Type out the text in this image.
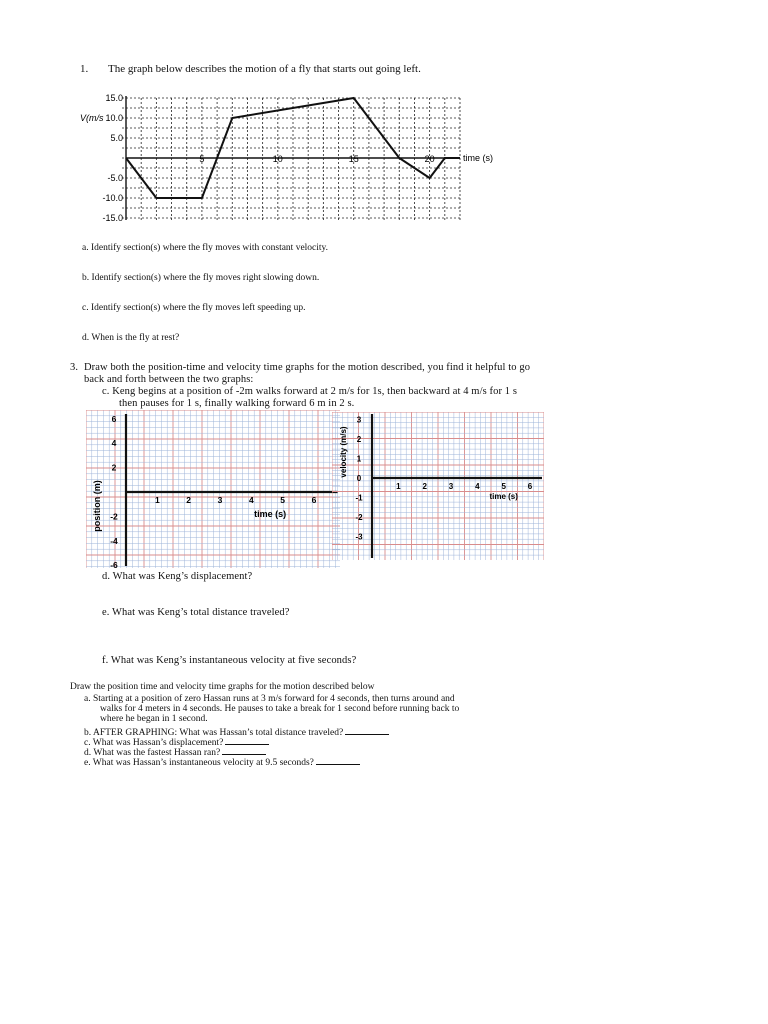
1. The graph below describes the motion of a fly that starts out going left.
15.0
10.0
5.0
-5.0
-10.0
-15.0
5	10	15	20
V(m/s
time (s)
a. Identify section(s) where the fly moves with constant velocity.
b. Identify section(s) where the fly moves right slowing down.
c. Identify section(s) where the fly moves left speeding up.
d. When is the fly at rest?
3. Draw both the position-time and velocity time graphs for the motion described, you find it helpful to go
back and forth between the two graphs:
c. Keng begins at a position of -2m walks forward at 2 m/s for 1s, then backward at 4 m/s for 1 s
then pauses for 1 s, finally walking forward 6 m in 2 s.
6
4
2
-2
-4
-6
1	2	3	4	5	6
position (m)	time (s)
3
2
1
0
-1
-2
-3
1	2	3	4	5	6
velocity (m/s)
time (s)
d. What was Keng’s displacement?
e. What was Keng’s total distance traveled?
f. What was Keng’s instantaneous velocity at five seconds?
Draw the position time and velocity time graphs for the motion described below
a. Starting at a position of zero Hassan runs at 3 m/s forward for 4 seconds, then turns around and
walks for 4 meters in 4 seconds. He pauses to take a break for 1 second before running back to
where he began in 1 second.
b. AFTER GRAPHING: What was Hassan’s total distance traveled?
c. What was Hassan’s displacement?
d. What was the fastest Hassan ran?
e. What was Hassan’s instantaneous velocity at 9.5 seconds?
